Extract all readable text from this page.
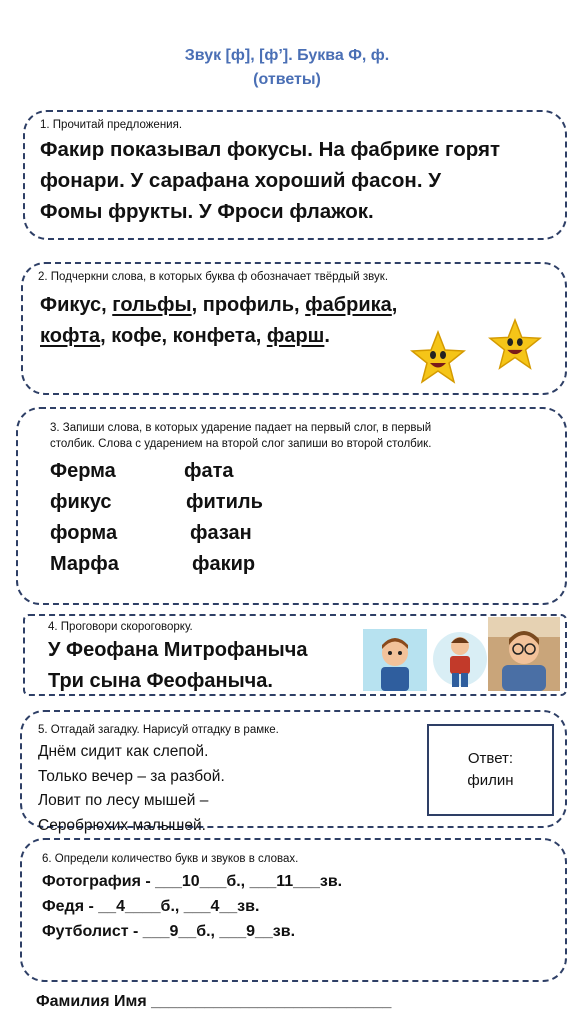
Звук [ф], [ф’]. Буква Ф, ф.
(ответы)
1. Прочитай предложения.
Факир показывал фокусы. На фабрике горят
фонари. У сарафана хороший фасон. У
Фомы фрукты. У Фроси флажок.
2. Подчеркни слова, в которых буква ф обозначает твёрдый звук.
Фикус, гольфы, профиль, фабрика,
кофта, кофе, конфета, фарш.
3. Запиши слова, в которых ударение падает на первый слог, в первый
столбик. Слова с ударением на второй слог запиши во второй столбик.
Ферма
фикус
форма
Марфа
фата
фитиль
фазан
факир
4. Проговори скороговорку.
У Феофана Митрофаныча
Три сына Феофаныча.
5. Отгадай загадку. Нарисуй отгадку в рамке.
Днём сидит как слепой.
Только вечер – за разбой.
Ловит по лесу мышей –
Серобрюхих малышей.
Ответ:
филин
6. Определи количество букв и звуков в словах.
Фотография - ___10___б., ___11___зв.
Федя - __4____б., ___4__зв.
Футболист - ___9__б., ___9__зв.
Фамилия Имя ___________________________
